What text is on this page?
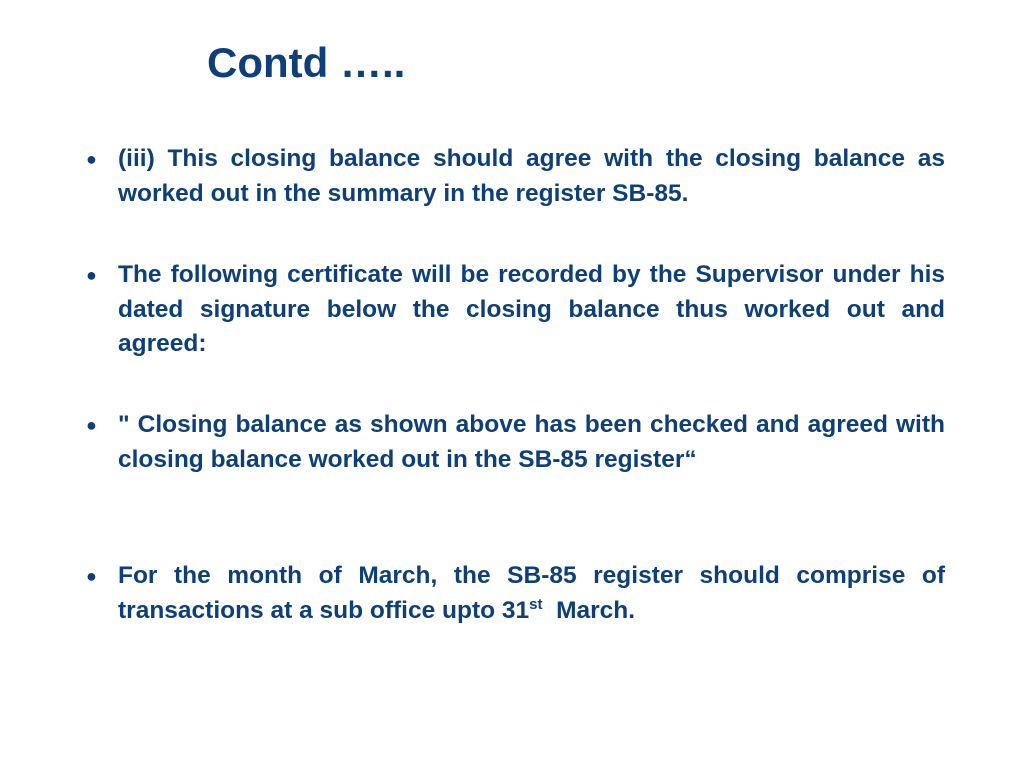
Contd …..
● (iii) This closing balance should agree with the closing balance as worked out in the summary in the register SB-85.
● The following certificate will be recorded by the Supervisor under his dated signature below the closing balance thus worked out and agreed:
● " Closing balance as shown above has been checked and agreed with closing balance worked out in the SB-85 register“
● For the month of March, the SB-85 register should comprise of transactions at a sub office upto 31st  March.
